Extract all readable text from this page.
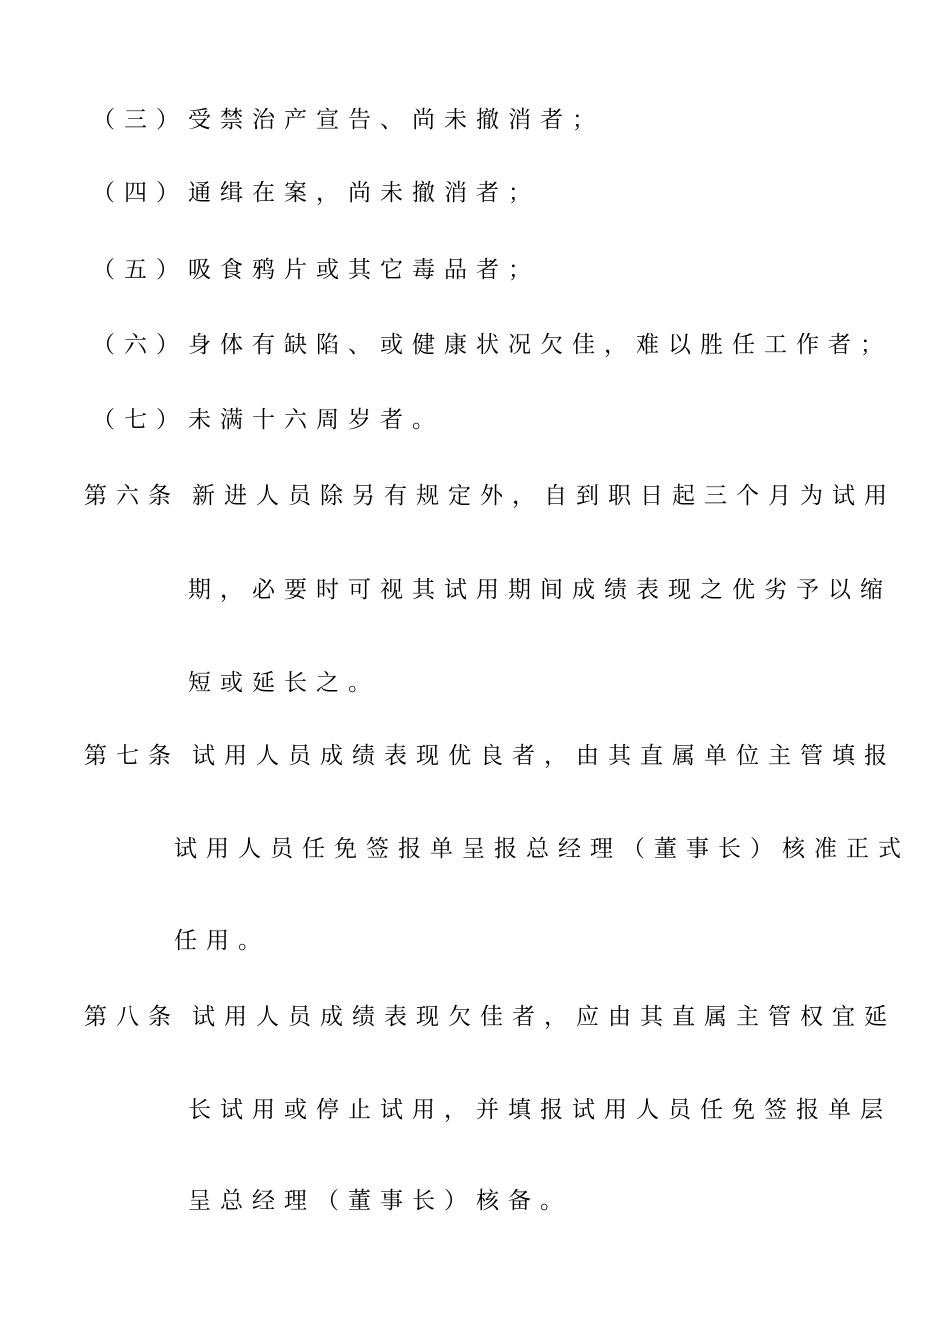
（三） 受禁治产宣告、尚未撤消者；
（四） 通缉在案，尚未撤消者；
（五） 吸食鸦片或其它毒品者；
（六） 身体有缺陷、或健康状况欠佳，难以胜任工作者；
（七） 未满十六周岁者。
第六条 新进人员除另有规定外，自到职日起三个月为试用
期，必要时可视其试用期间成绩表现之优劣予以缩
短或延长之。
第七条 试用人员成绩表现优良者，由其直属单位主管填报
试用人员任免签报单呈报总经理（董事长）核准正式
任用。
第八条 试用人员成绩表现欠佳者，应由其直属主管权宜延
长试用或停止试用，并填报试用人员任免签报单层
呈总经理（董事长）核备。
